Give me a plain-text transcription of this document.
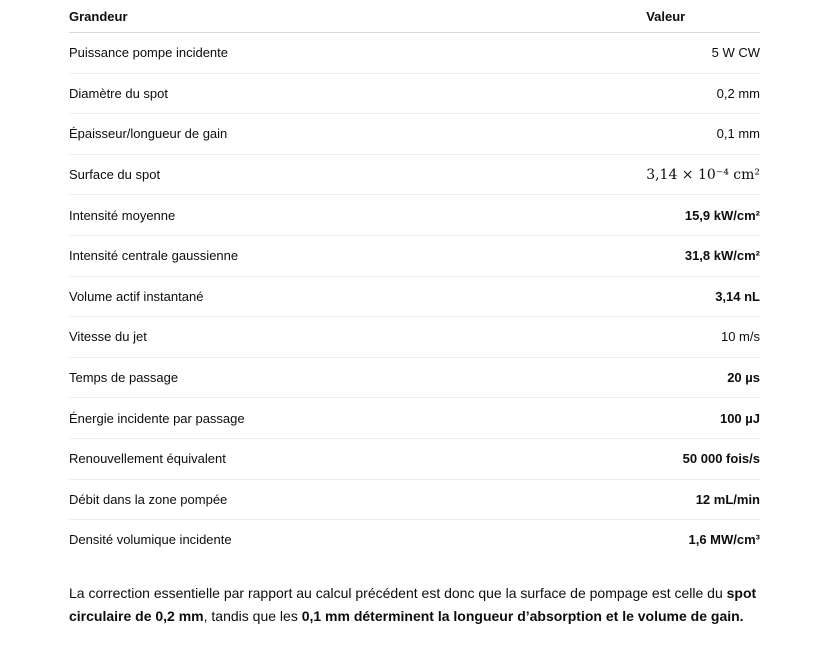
Grandeur	Valeur
Puissance pompe incidente	5 W CW
Diamètre du spot	0,2 mm
Épaisseur/longueur de gain	0,1 mm
Surface du spot	3,14 × 10⁻⁴ cm²
Intensité moyenne	15,9 kW/cm²
Intensité centrale gaussienne	31,8 kW/cm²
Volume actif instantané	3,14 nL
Vitesse du jet	10 m/s
Temps de passage	20 µs
Énergie incidente par passage	100 µJ
Renouvellement équivalent	50 000 fois/s
Débit dans la zone pompée	12 mL/min
Densité volumique incidente	1,6 MW/cm³

La correction essentielle par rapport au calcul précédent est donc que la surface de pompage est celle du spot circulaire de 0,2 mm, tandis que les 0,1 mm déterminent la longueur d’absorption et le volume de gain.
